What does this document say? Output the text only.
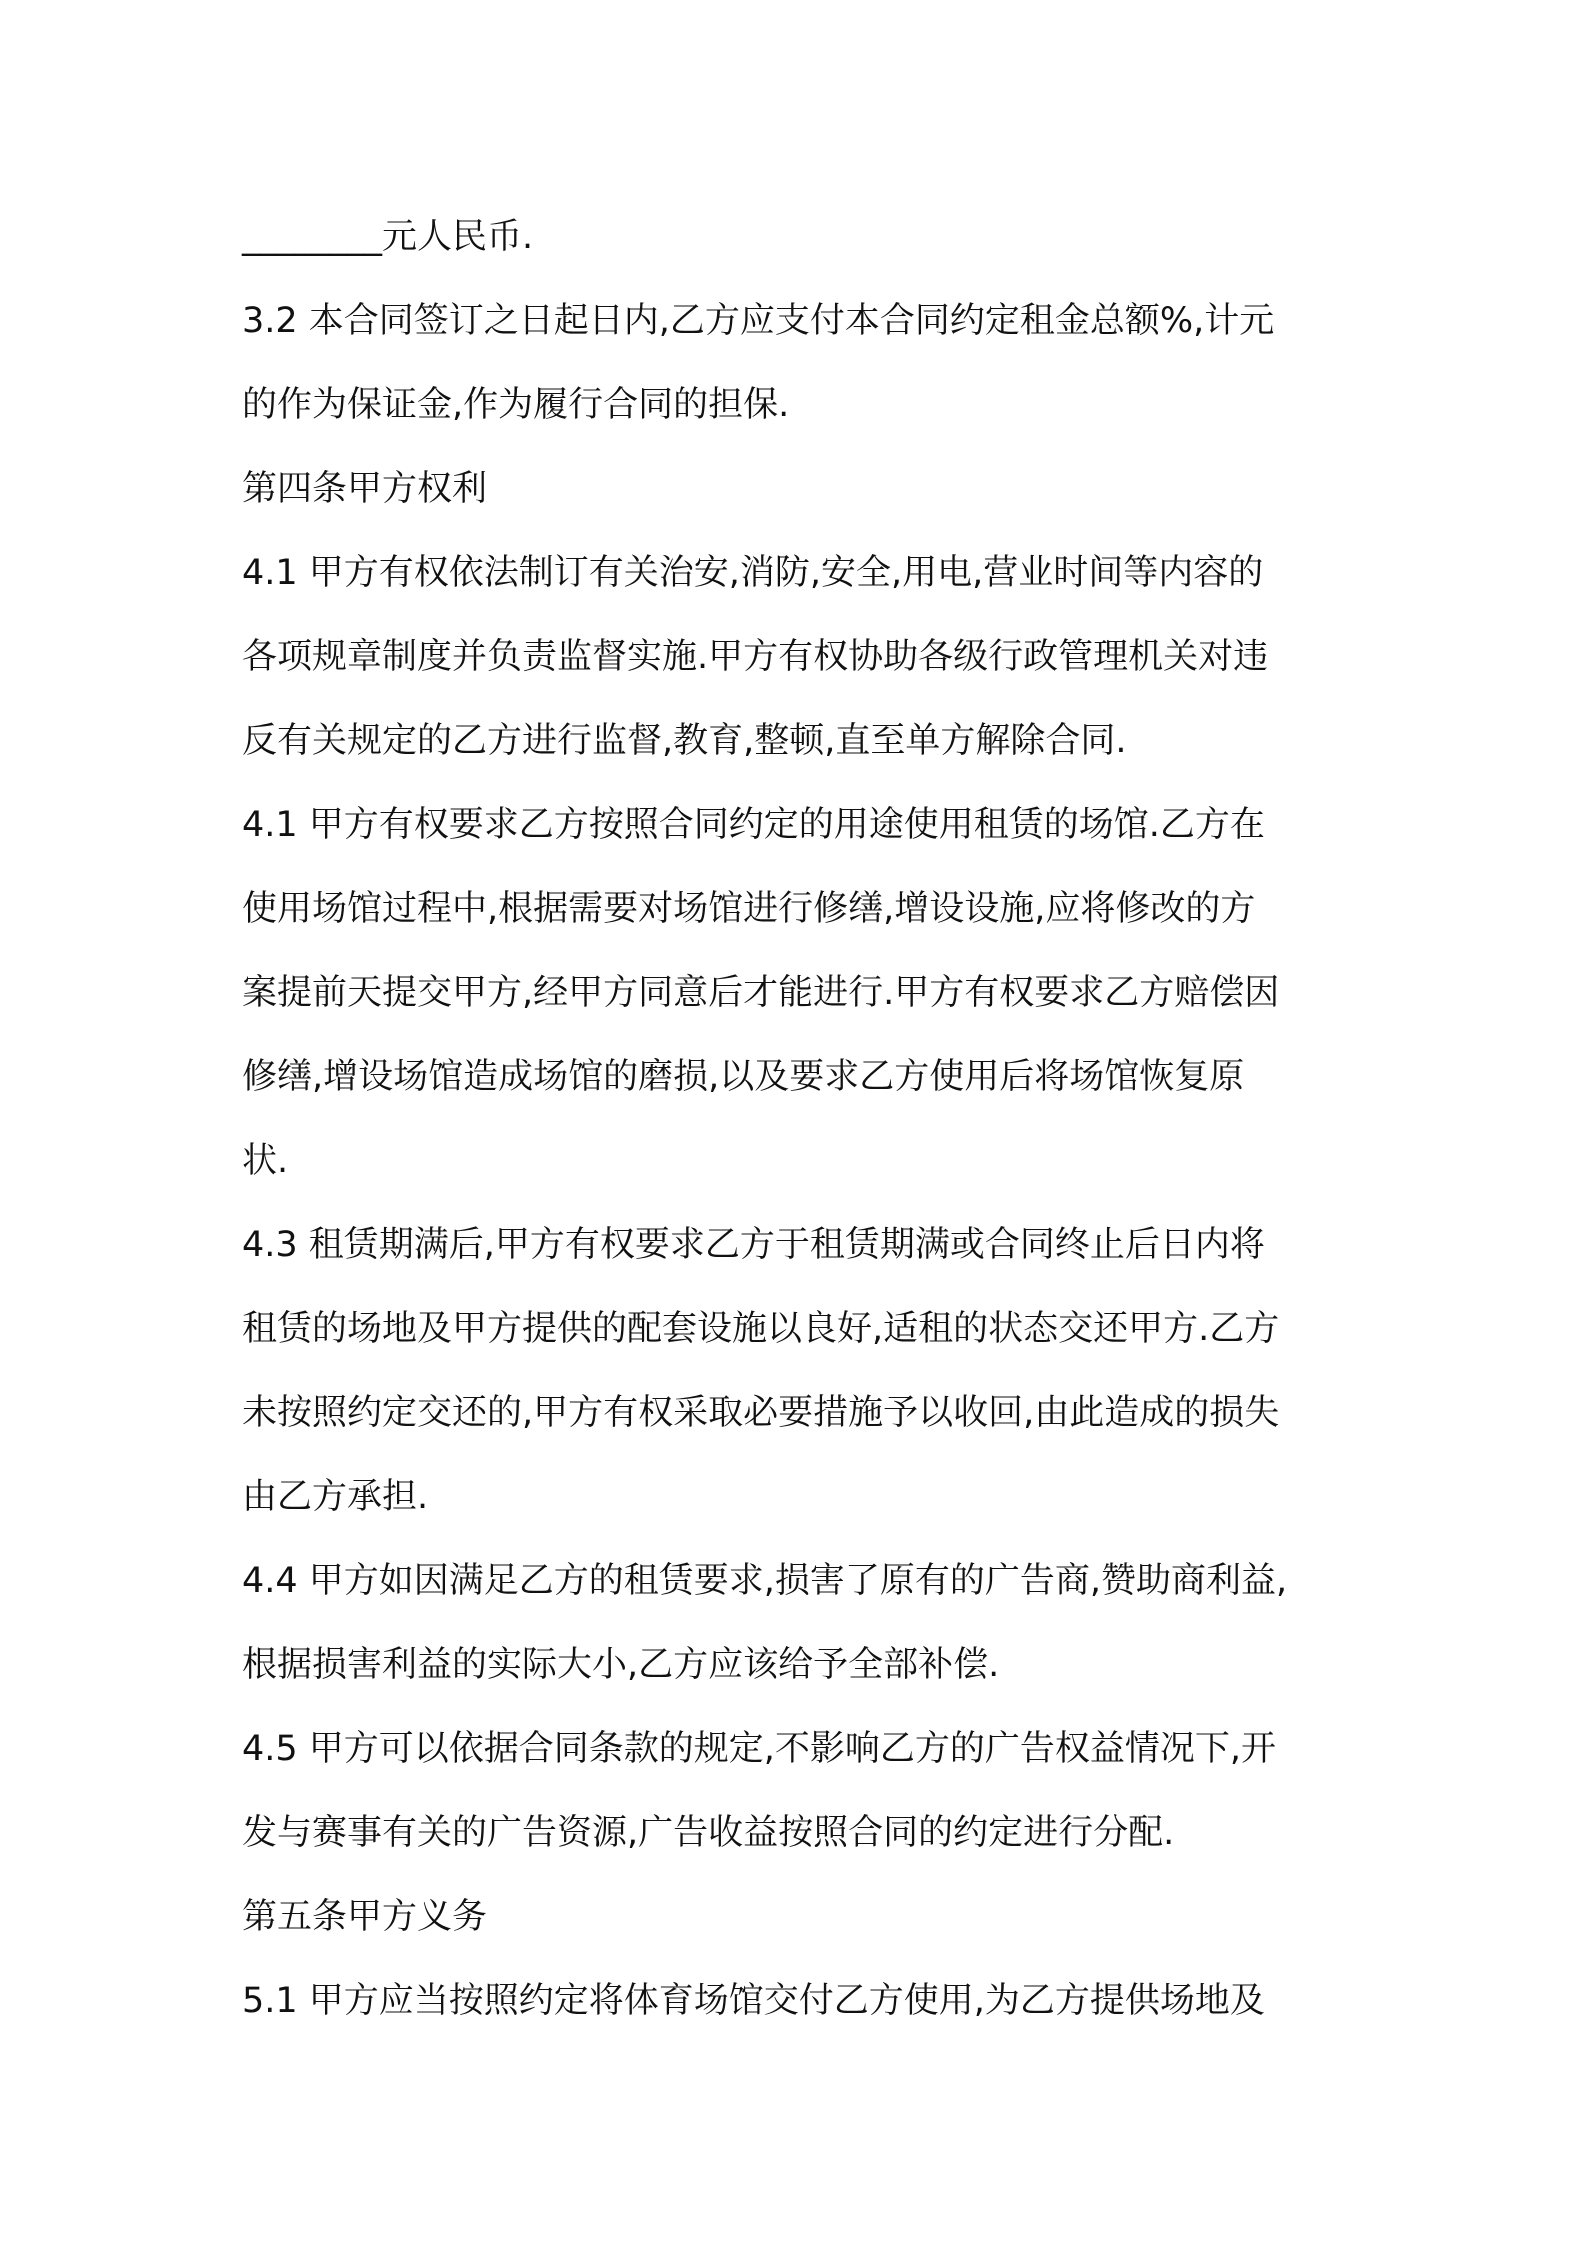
________元人民币.
3.2 本合同签订之日起日内,乙方应支付本合同约定租金总额%,计元
的作为保证金,作为履行合同的担保.
第四条甲方权利
4.1 甲方有权依法制订有关治安,消防,安全,用电,营业时间等内容的
各项规章制度并负责监督实施.甲方有权协助各级行政管理机关对违
反有关规定的乙方进行监督,教育,整顿,直至单方解除合同.
4.1 甲方有权要求乙方按照合同约定的用途使用租赁的场馆.乙方在
使用场馆过程中,根据需要对场馆进行修缮,增设设施,应将修改的方
案提前天提交甲方,经甲方同意后才能进行.甲方有权要求乙方赔偿因
修缮,增设场馆造成场馆的磨损,以及要求乙方使用后将场馆恢复原
状.
4.3 租赁期满后,甲方有权要求乙方于租赁期满或合同终止后日内将
租赁的场地及甲方提供的配套设施以良好,适租的状态交还甲方.乙方
未按照约定交还的,甲方有权采取必要措施予以收回,由此造成的损失
由乙方承担.
4.4 甲方如因满足乙方的租赁要求,损害了原有的广告商,赞助商利益,
根据损害利益的实际大小,乙方应该给予全部补偿.
4.5 甲方可以依据合同条款的规定,不影响乙方的广告权益情况下,开
发与赛事有关的广告资源,广告收益按照合同的约定进行分配.
第五条甲方义务
5.1 甲方应当按照约定将体育场馆交付乙方使用,为乙方提供场地及
